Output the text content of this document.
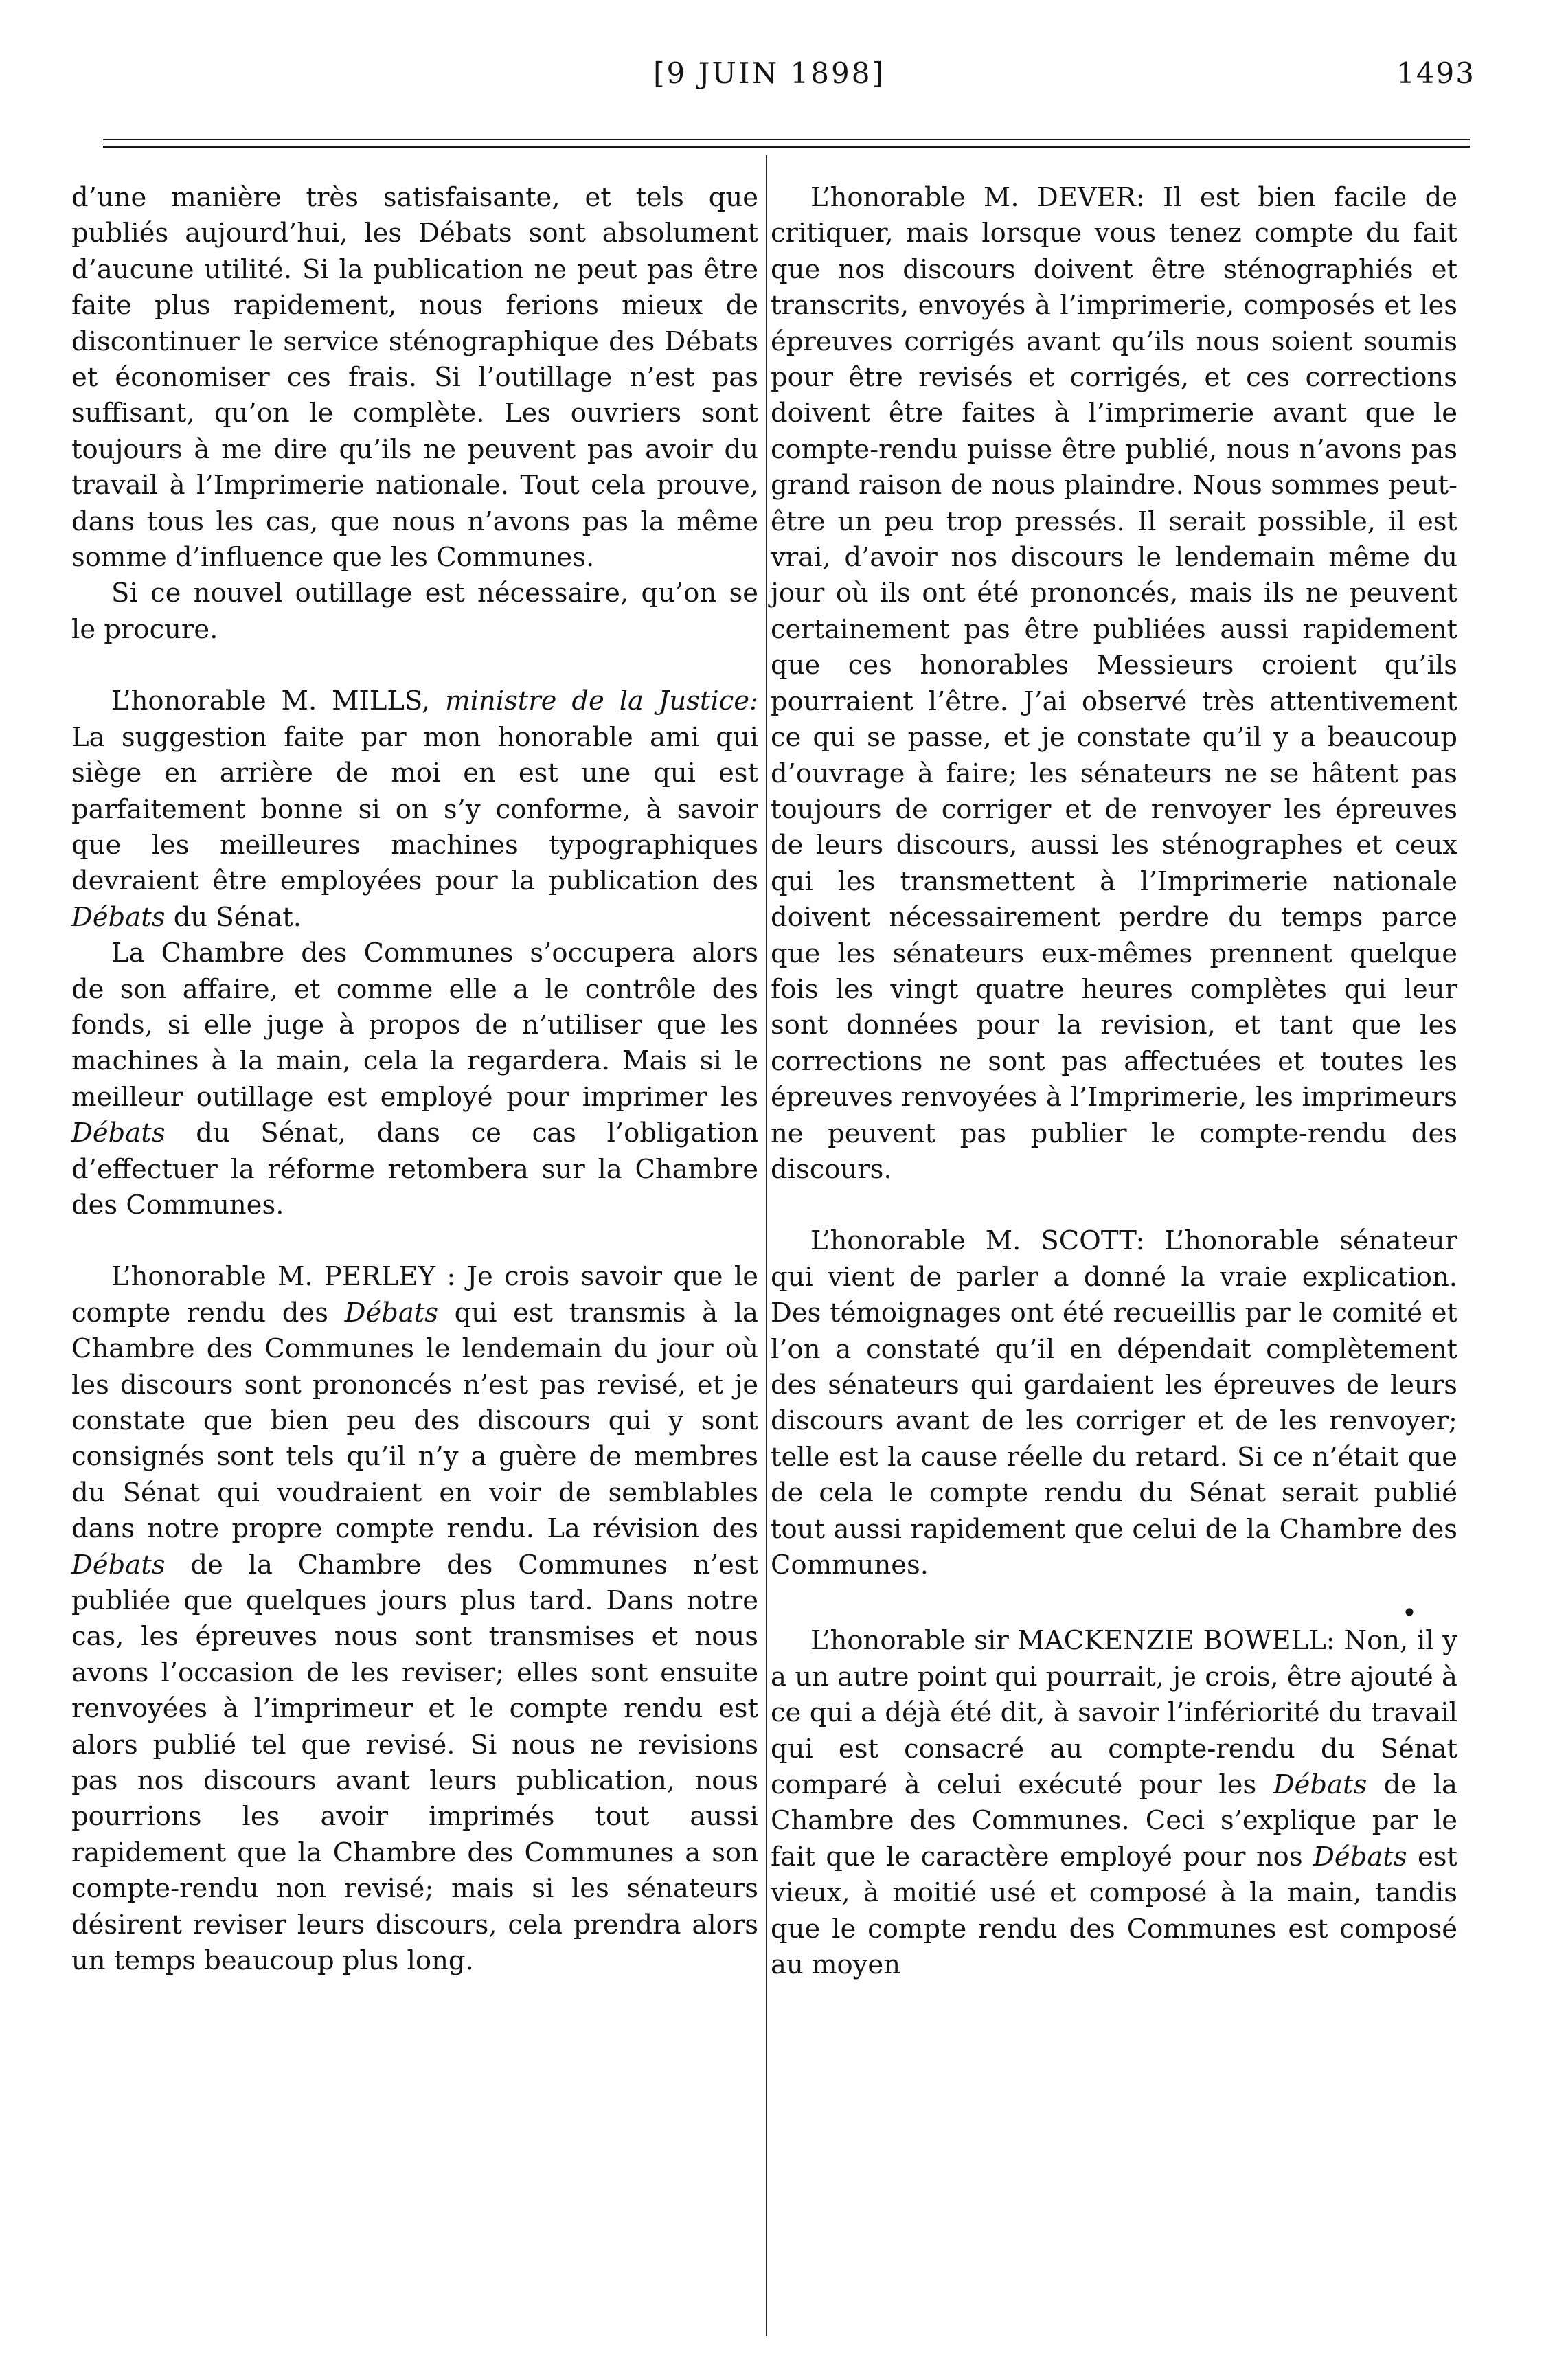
[9 JUIN 1898]	1493

d’une manière très satisfaisante, et tels que publiés aujourd’hui, les Débats sont absolument d’aucune utilité. Si la publication ne peut pas être faite plus rapidement, nous ferions mieux de discontinuer le service sténographique des Débats et économiser ces frais. Si l’outillage n’est pas suffisant, qu’on le complète. Les ouvriers sont toujours à me dire qu’ils ne peuvent pas avoir du travail à l’Imprimerie nationale. Tout cela prouve, dans tous les cas, que nous n’avons pas la même somme d’influence que les Communes.

Si ce nouvel outillage est nécessaire, qu’on se le procure.

L’honorable M. MILLS, ministre de la Justice: La suggestion faite par mon honorable ami qui siège en arrière de moi en est une qui est parfaitement bonne si on s’y conforme, à savoir que les meilleures machines typographiques devraient être employées pour la publication des Débats du Sénat.

La Chambre des Communes s’occupera alors de son affaire, et comme elle a le contrôle des fonds, si elle juge à propos de n’utiliser que les machines à la main, cela la regardera. Mais si le meilleur outillage est employé pour imprimer les Débats du Sénat, dans ce cas l’obligation d’effectuer la réforme retombera sur la Chambre des Communes.

L’honorable M. PERLEY : Je crois savoir que le compte rendu des Débats qui est transmis à la Chambre des Communes le lendemain du jour où les discours sont prononcés n’est pas revisé, et je constate que bien peu des discours qui y sont consignés sont tels qu’il n’y a guère de membres du Sénat qui voudraient en voir de semblables dans notre propre compte rendu. La révision des Débats de la Chambre des Communes n’est publiée que quelques jours plus tard. Dans notre cas, les épreuves nous sont transmises et nous avons l’occasion de les reviser; elles sont ensuite renvoyées à l’imprimeur et le compte rendu est alors publié tel que revisé. Si nous ne revisions pas nos discours avant leurs publication, nous pourrions les avoir imprimés tout aussi rapidement que la Chambre des Communes a son compte-rendu non revisé; mais si les sénateurs désirent reviser leurs discours, cela prendra alors un temps beaucoup plus long.

L’honorable M. DEVER: Il est bien facile de critiquer, mais lorsque vous tenez compte du fait que nos discours doivent être sténographiés et transcrits, envoyés à l’imprimerie, composés et les épreuves corrigés avant qu’ils nous soient soumis pour être revisés et corrigés, et ces corrections doivent être faites à l’imprimerie avant que le compte-rendu puisse être publié, nous n’avons pas grand raison de nous plaindre. Nous sommes peut-être un peu trop pressés. Il serait possible, il est vrai, d’avoir nos discours le lendemain même du jour où ils ont été prononcés, mais ils ne peuvent certainement pas être publiées aussi rapidement que ces honorables Messieurs croient qu’ils pourraient l’être. J’ai observé très attentivement ce qui se passe, et je constate qu’il y a beaucoup d’ouvrage à faire; les sénateurs ne se hâtent pas toujours de corriger et de renvoyer les épreuves de leurs discours, aussi les sténographes et ceux qui les transmettent à l’Imprimerie nationale doivent nécessairement perdre du temps parce que les sénateurs eux-mêmes prennent quelque fois les vingt quatre heures complètes qui leur sont données pour la revision, et tant que les corrections ne sont pas affectuées et toutes les épreuves renvoyées à l’Imprimerie, les imprimeurs ne peuvent pas publier le compte-rendu des discours.

L’honorable M. SCOTT: L’honorable sénateur qui vient de parler a donné la vraie explication. Des témoignages ont été recueillis par le comité et l’on a constaté qu’il en dépendait complètement des sénateurs qui gardaient les épreuves de leurs discours avant de les corriger et de les renvoyer; telle est la cause réelle du retard. Si ce n’était que de cela le compte rendu du Sénat serait publié tout aussi rapidement que celui de la Chambre des Communes.

•

L’honorable sir MACKENZIE BOWELL: Non, il y a un autre point qui pourrait, je crois, être ajouté à ce qui a déjà été dit, à savoir l’infériorité du travail qui est consacré au compte-rendu du Sénat comparé à celui exécuté pour les Débats de la Chambre des Communes. Ceci s’explique par le fait que le caractère employé pour nos Débats est vieux, à moitié usé et composé à la main, tandis que le compte rendu des Communes est composé au moyen
